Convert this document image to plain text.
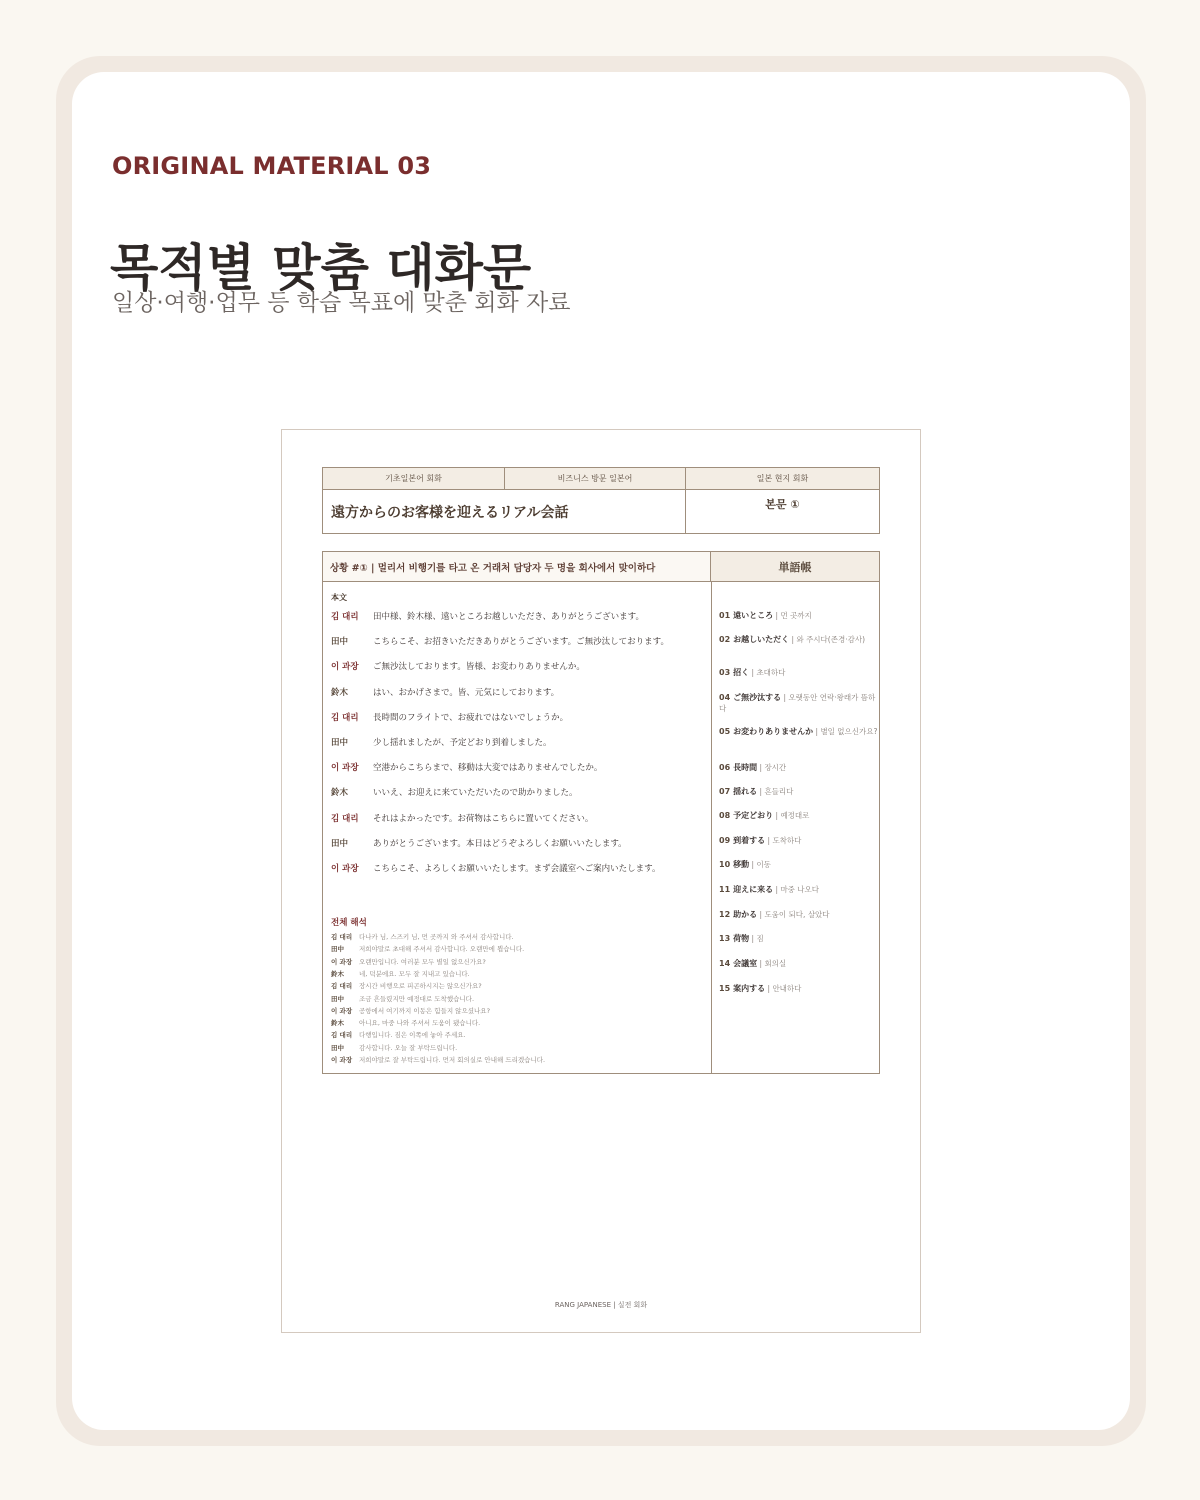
ORIGINAL MATERIAL 03
목적별 맞춤 대화문
일상·여행·업무 등 학습 목표에 맞춘 회화 자료
기초일본어 회화	비즈니스 방문 일본어	일본 현지 회화
遠方からのお客様を迎えるリアル会話	본문 ①
상황 #① | 멀리서 비행기를 타고 온 거래처 담당자 두 명을 회사에서 맞이하다	単語帳
本文
김 대리	田中様、鈴木様、遠いところお越しいただき、ありがとうございます。
田中	こちらこそ、お招きいただきありがとうございます。ご無沙汰しております。
이 과장	ご無沙汰しております。皆様、お変わりありませんか。
鈴木	はい、おかげさまで。皆、元気にしております。
김 대리	長時間のフライトで、お疲れではないでしょうか。
田中	少し揺れましたが、予定どおり到着しました。
이 과장	空港からこちらまで、移動は大変ではありませんでしたか。
鈴木	いいえ、お迎えに来ていただいたので助かりました。
김 대리	それはよかったです。お荷物はこちらに置いてください。
田中	ありがとうございます。本日はどうぞよろしくお願いいたします。
이 과장	こちらこそ、よろしくお願いいたします。まず会議室へご案内いたします。
전체 해석
김 대리	다나카 님, 스즈키 님, 먼 곳까지 와 주셔서 감사합니다.
田中	저희야말로 초대해 주셔서 감사합니다. 오랜만에 뵙습니다.
이 과장	오랜만입니다. 여러분 모두 별일 없으신가요?
鈴木	네, 덕분에요. 모두 잘 지내고 있습니다.
김 대리	장시간 비행으로 피곤하시지는 않으신가요?
田中	조금 흔들렸지만 예정대로 도착했습니다.
이 과장	공항에서 여기까지 이동은 힘들지 않으셨나요?
鈴木	아니요, 마중 나와 주셔서 도움이 됐습니다.
김 대리	다행입니다. 짐은 이쪽에 놓아 주세요.
田中	감사합니다. 오늘 잘 부탁드립니다.
이 과장	저희야말로 잘 부탁드립니다. 먼저 회의실로 안내해 드리겠습니다.
01 遠いところ | 먼 곳까지
02 お越しいただく | 와 주시다(존경·감사)
03 招く | 초대하다
04 ご無沙汰する | 오랫동안 연락·왕래가 뜸하다
05 お変わりありませんか | 별일 없으신가요?
06 長時間 | 장시간
07 揺れる | 흔들리다
08 予定どおり | 예정대로
09 到着する | 도착하다
10 移動 | 이동
11 迎えに来る | 마중 나오다
12 助かる | 도움이 되다, 살았다
13 荷物 | 짐
14 会議室 | 회의실
15 案内する | 안내하다
RANG JAPANESE | 실전 회화
